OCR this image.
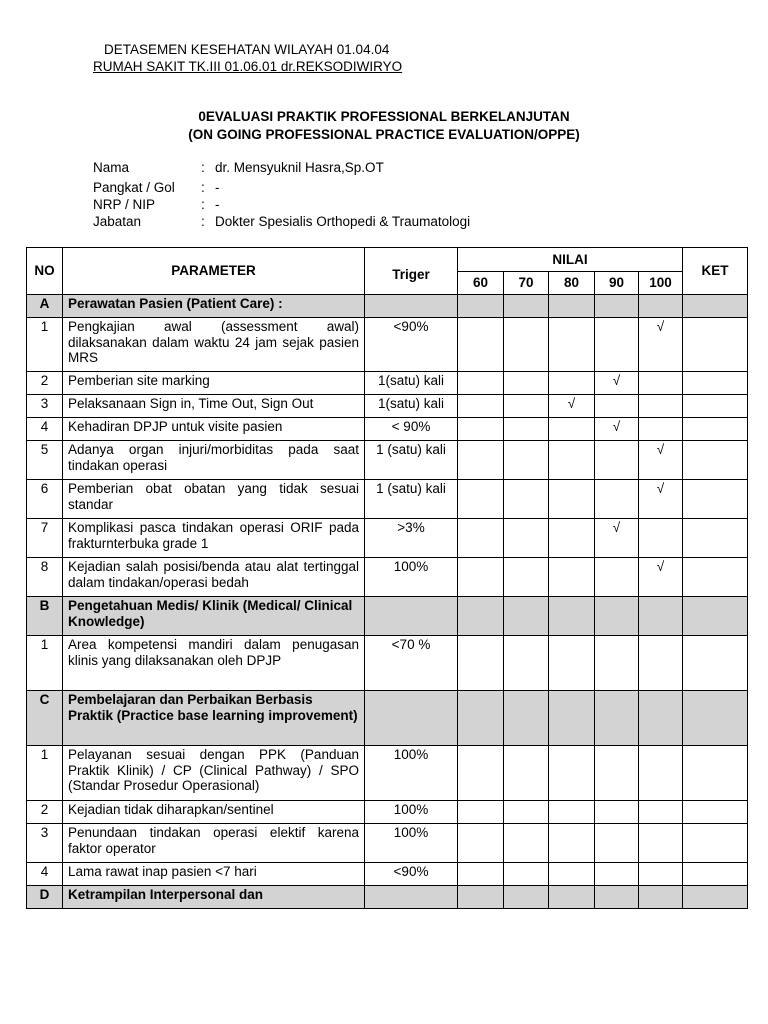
DETASEMEN KESEHATAN WILAYAH 01.04.04
RUMAH SAKIT TK.III 01.06.01 dr.REKSODIWIRYO
0EVALUASI PRAKTIK PROFESSIONAL BERKELANJUTAN
(ON GOING PROFESSIONAL PRACTICE EVALUATION/OPPE)
Nama	: dr. Mensyuknil Hasra,Sp.OT
Pangkat / Gol : -
NRP / NIP	: -
Jabatan	: Dokter Spesialis Orthopedi & Traumatologi
NO	PARAMETER	Triger	NILAI					KET
			60	70	80	90	100	
A	Perawatan Pasien (Patient Care) :							
1	Pengkajian awal (assessment awal) dilaksanakan dalam waktu 24 jam sejak pasien MRS	<90%					√	
2	Pemberian site marking	1(satu) kali				√		
3	Pelaksanaan Sign in, Time Out, Sign Out	1(satu) kali			√			
4	Kehadiran DPJP untuk visite pasien	< 90%				√		
5	Adanya organ injuri/morbiditas pada saat tindakan operasi	1 (satu) kali					√	
6	Pemberian obat obatan yang tidak sesuai standar	1 (satu) kali					√	
7	Komplikasi pasca tindakan operasi ORIF pada frakturnterbuka grade 1	>3%				√		
8	Kejadian salah posisi/benda atau alat tertinggal dalam tindakan/operasi bedah	100%					√	
B	Pengetahuan Medis/ Klinik (Medical/ Clinical Knowledge)							
1	Area kompetensi mandiri dalam penugasan klinis yang dilaksanakan oleh DPJP	<70 %						
C	Pembelajaran dan Perbaikan Berbasis Praktik (Practice base learning improvement)							
1	Pelayanan sesuai dengan PPK (Panduan Praktik Klinik) / CP (Clinical Pathway) / SPO (Standar Prosedur Operasional)	100%						
2	Kejadian tidak diharapkan/sentinel	100%						
3	Penundaan tindakan operasi elektif karena faktor operator	100%						
4	Lama rawat inap pasien <7 hari	<90%						
D	Ketrampilan Interpersonal dan							
